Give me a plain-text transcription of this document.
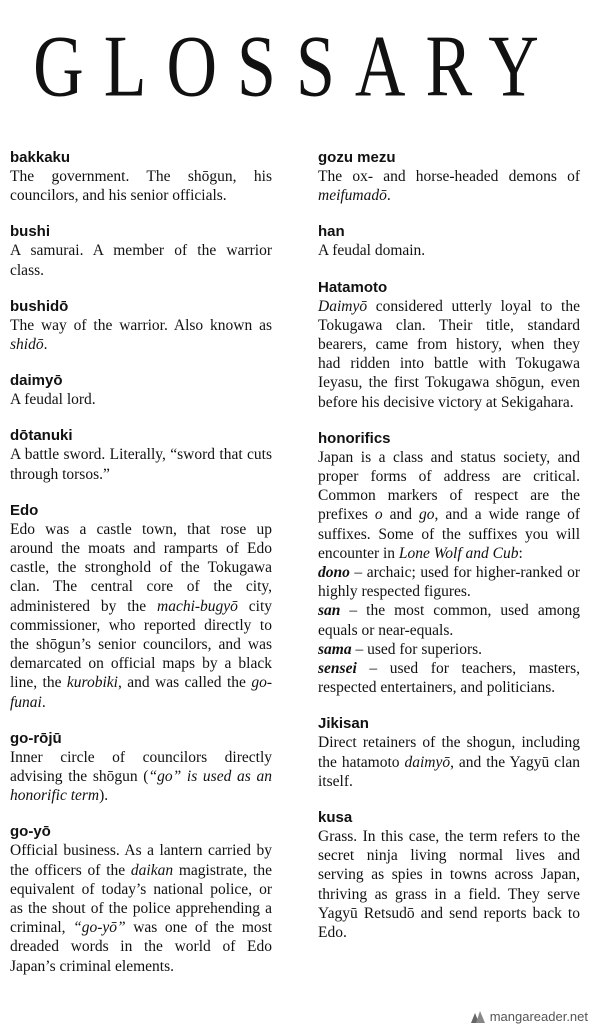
GLOSSARY
bakkaku
The government. The shōgun, his councilors, and his senior officials.
bushi
A samurai. A member of the warrior class.
bushidō
The way of the warrior. Also known as shidō.
daimyō
A feudal lord.
dōtanuki
A battle sword. Literally, “sword that cuts through torsos.”
Edo
Edo was a castle town, that rose up around the moats and ramparts of Edo castle, the stronghold of the Tokugawa clan. The central core of the city, administered by the machi-bugyō city commissioner, who reported directly to the shōgun’s senior councilors, and was demarcated on official maps by a black line, the kurobiki, and was called the go-funai.
go-rōjū
Inner circle of councilors directly advising the shōgun (“go” is used as an honorific term).
go-yō
Official business. As a lantern carried by the officers of the daikan magistrate, the equivalent of today’s national police, or as the shout of the police apprehending a criminal, “go-yō” was one of the most dreaded words in the world of Edo Japan’s criminal elements.
gozu mezu
The ox- and horse-headed demons of meifumadō.
han
A feudal domain.
Hatamoto
Daimyō considered utterly loyal to the Tokugawa clan. Their title, standard bearers, came from history, when they had ridden into battle with Tokugawa Ieyasu, the first Tokugawa shōgun, even before his decisive victory at Sekigahara.
honorifics
Japan is a class and status society, and proper forms of address are critical. Common markers of respect are the prefixes o and go, and a wide range of suffixes. Some of the suffixes you will encounter in Lone Wolf and Cub:
dono – archaic; used for higher-ranked or highly respected figures.
san – the most common, used among equals or near-equals.
sama – used for superiors.
sensei – used for teachers, masters, respected entertainers, and politicians.
Jikisan
Direct retainers of the shogun, including the hatamoto daimyō, and the Yagyū clan itself.
kusa
Grass. In this case, the term refers to the secret ninja living normal lives and serving as spies in towns across Japan, thriving as grass in a field. They serve Yagyū Retsudō and send reports back to Edo.
mangareader.net
